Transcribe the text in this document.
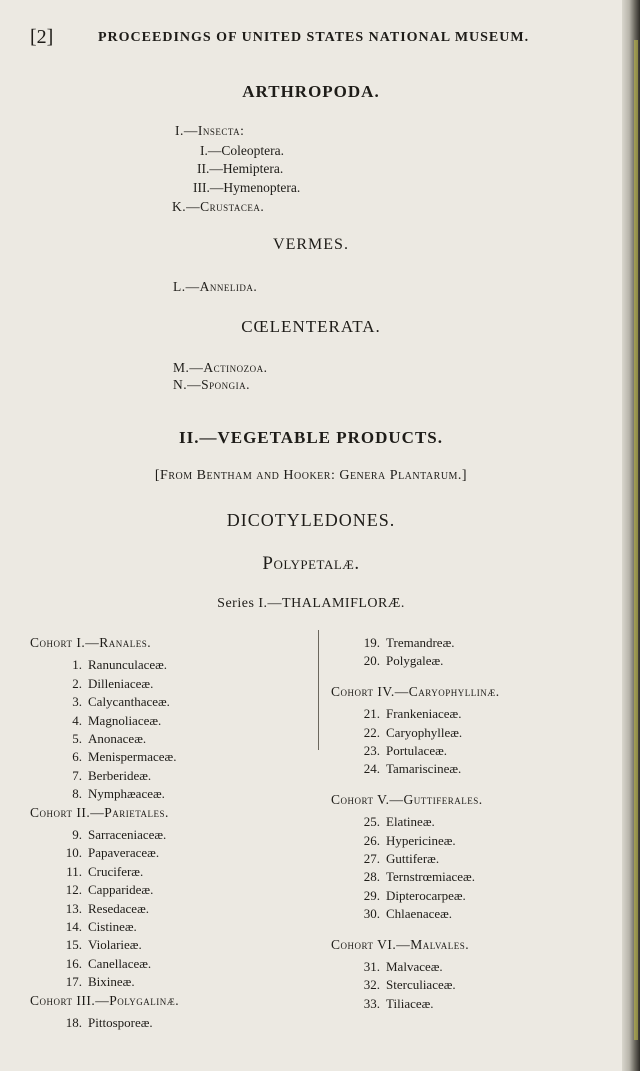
[2]	PROCEEDINGS OF UNITED STATES NATIONAL MUSEUM.
ARTHROPODA.
I.—Insecta:
I.—Coleoptera.
II.—Hemiptera.
III.—Hymenoptera.
K.—Crustacea.
VERMES.
L.—Annelida.
CŒLENTERATA.
M.—Actinozoa.
N.—Spongia.
II.—VEGETABLE PRODUCTS.
[From Bentham and Hooker: Genera Plantarum.]
DICOTYLEDONES.
Polypetalæ.
Series I.—THALAMIFLORÆ.
Cohort I.—Ranales.
1. Ranunculaceæ.
2. Dilleniaceæ.
3. Calycanthaceæ.
4. Magnoliaceæ.
5. Anonaceæ.
6. Menispermaceæ.
7. Berberideæ.
8. Nymphæaceæ.
Cohort II.—Parietales.
9. Sarraceniaceæ.
10. Papaveraceæ.
11. Cruciferæ.
12. Capparideæ.
13. Resedaceæ.
14. Cistineæ.
15. Violarieæ.
16. Canellaceæ.
17. Bixineæ.
Cohort III.—Polygalinæ.
18. Pittosporeæ.
19. Tremandreæ.
20. Polygaleæ.
Cohort IV.—Caryophyllinæ.
21. Frankeniaceæ.
22. Caryophylleæ.
23. Portulaceæ.
24. Tamariscineæ.
Cohort V.—Guttiferales.
25. Elatineæ.
26. Hypericineæ.
27. Guttiferæ.
28. Ternstrœmiaceæ.
29. Dipterocarpeæ.
30. Chlaenaceæ.
Cohort VI.—Malvales.
31. Malvaceæ.
32. Sterculiaceæ.
33. Tiliaceæ.
